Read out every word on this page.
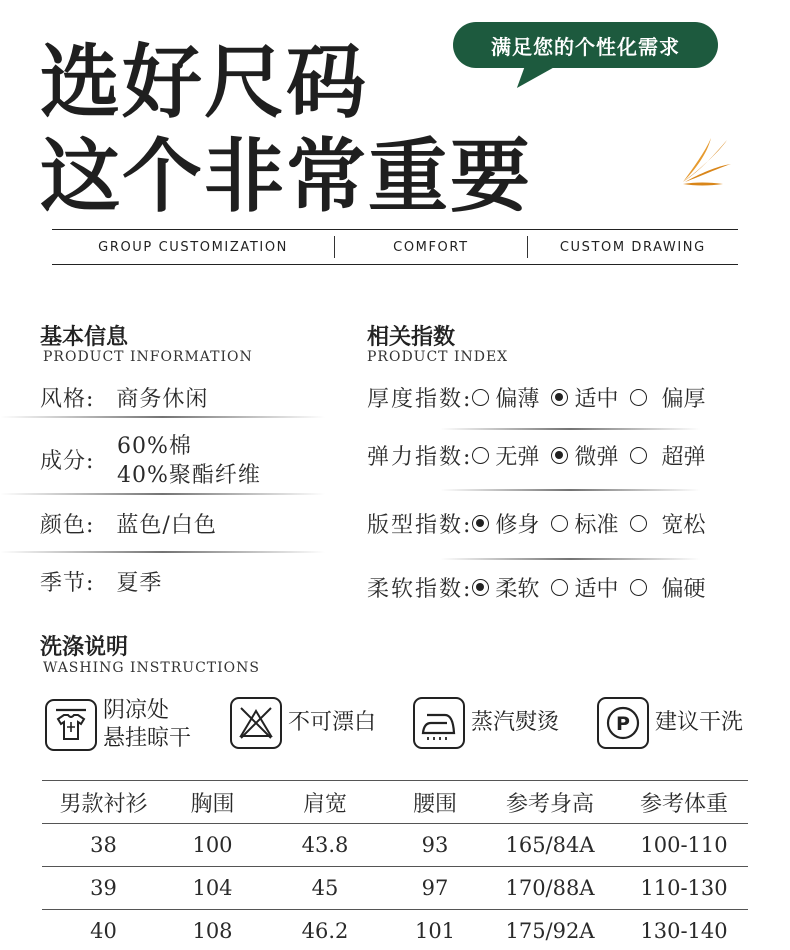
选好尺码
这个非常重要
满足您的个性化需求
GROUP CUSTOMIZATION	COMFORT	CUSTOM DRAWING
基本信息
PRODUCT INFORMATION
风格: 商务休闲
成分:
60%棉
40%聚酯纤维
颜色: 蓝色/白色
季节: 夏季
相关指数
PRODUCT INDEX
厚度指数: 偏薄 适中 偏厚
弹力指数: 无弹 微弹 超弹
版型指数: 修身 标准 宽松
柔软指数: 柔软 适中 偏硬
洗涤说明
WASHING INSTRUCTIONS
阴凉处
悬挂晾干
不可漂白	蒸汽熨烫	P 建议干洗
男款衬衫	胸围	肩宽	腰围	参考身高	参考体重
38	100	43.8	93	165/84A	100-110
39	104	45	97	170/88A	110-130
40	108	46.2	101	175/92A	130-140
